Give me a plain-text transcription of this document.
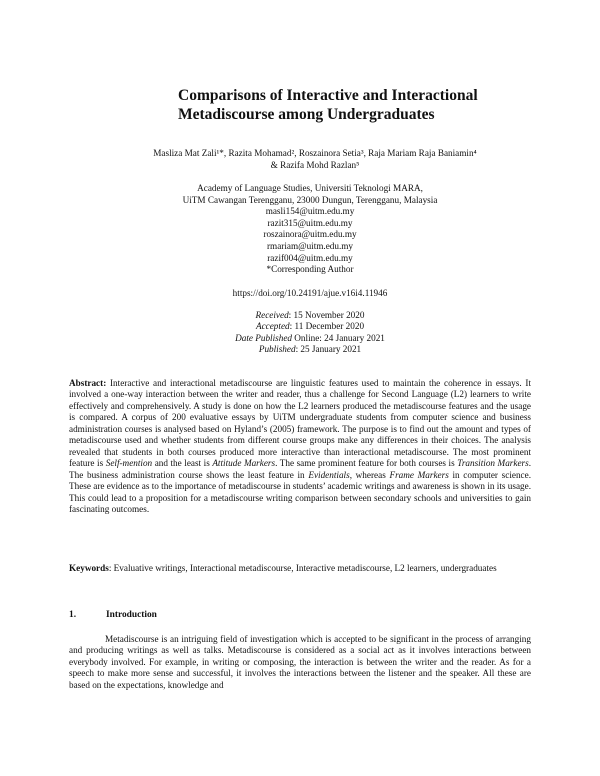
Comparisons of Interactive and Interactional
Metadiscourse among Undergraduates
Masliza Mat Zali¹*, Razita Mohamad², Roszainora Setia³, Raja Mariam Raja Baniamin⁴
& Razifa Mohd Razlan⁵
Academy of Language Studies, Universiti Teknologi MARA,
UiTM Cawangan Terengganu, 23000 Dungun, Terengganu, Malaysia
masli154@uitm.edu.my
razit315@uitm.edu.my
roszainora@uitm.edu.my
rmariam@uitm.edu.my
razif004@uitm.edu.my
*Corresponding Author
https://doi.org/10.24191/ajue.v16i4.11946
Received: 15 November 2020
Accepted: 11 December 2020
Date Published Online: 24 January 2021
Published: 25 January 2021

Abstract: Interactive and interactional metadiscourse are linguistic features used to maintain the coherence in essays. It involved a one-way interaction between the writer and reader, thus a challenge for Second Language (L2) learners to write effectively and comprehensively. A study is done on how the L2 learners produced the metadiscourse features and the usage is compared. A corpus of 200 evaluative essays by UiTM undergraduate students from computer science and business administration courses is analysed based on Hyland’s (2005) framework. The purpose is to find out the amount and types of metadiscourse used and whether students from different course groups make any differences in their choices. The analysis revealed that students in both courses produced more interactive than interactional metadiscourse. The most prominent feature is Self-mention and the least is Attitude Markers. The same prominent feature for both courses is Transition Markers. The business administration course shows the least feature in Evidentials, whereas Frame Markers in computer science. These are evidence as to the importance of metadiscourse in students’ academic writings and awareness is shown in its usage. This could lead to a proposition for a metadiscourse writing comparison between secondary schools and universities to gain fascinating outcomes.

Keywords: Evaluative writings, Interactional metadiscourse, Interactive metadiscourse, L2 learners, undergraduates

1.	Introduction

Metadiscourse is an intriguing field of investigation which is accepted to be significant in the process of arranging and producing writings as well as talks. Metadiscourse is considered as a social act as it involves interactions between everybody involved. For example, in writing or composing, the interaction is between the writer and the reader. As for a speech to make more sense and successful, it involves the interactions between the listener and the speaker. All these are based on the expectations, knowledge and
